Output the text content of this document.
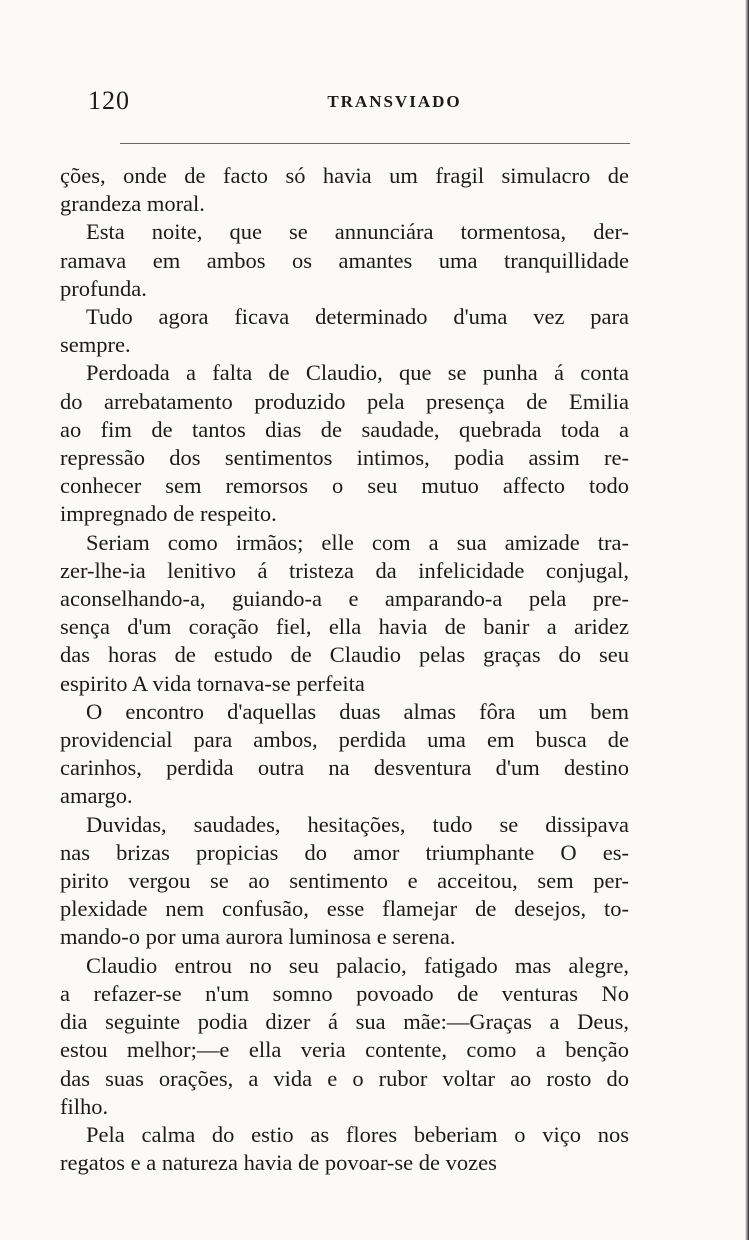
120	TRANSVIADO
ções, onde de facto só havia um fragil simulacro de
grandeza moral.
Esta noite, que se annunciára tormentosa, der-
ramava em ambos os amantes uma tranquillidade
profunda.
Tudo agora ficava determinado d'uma vez para
sempre.
Perdoada a falta de Claudio, que se punha á conta
do arrebatamento produzido pela presença de Emilia
ao fim de tantos dias de saudade, quebrada toda a
repressão dos sentimentos intimos, podia assim re-
conhecer sem remorsos o seu mutuo affecto todo
impregnado de respeito.
Seriam como irmãos; elle com a sua amizade tra-
zer-lhe-ia lenitivo á tristeza da infelicidade conjugal,
aconselhando-a, guiando-a e amparando-a pela pre-
sença d'um coração fiel, ella havia de banir a aridez
das horas de estudo de Claudio pelas graças do seu
espirito A vida tornava-se perfeita
O encontro d'aquellas duas almas fôra um bem
providencial para ambos, perdida uma em busca de
carinhos, perdida outra na desventura d'um destino
amargo.
Duvidas, saudades, hesitações, tudo se dissipava
nas brizas propicias do amor triumphante O es-
pirito vergou se ao sentimento e acceitou, sem per-
plexidade nem confusão, esse flamejar de desejos, to-
mando-o por uma aurora luminosa e serena.
Claudio entrou no seu palacio, fatigado mas alegre,
a refazer-se n'um somno povoado de venturas No
dia seguinte podia dizer á sua mãe:—Graças a Deus,
estou melhor;—e ella veria contente, como a benção
das suas orações, a vida e o rubor voltar ao rosto do
filho.
Pela calma do estio as flores beberiam o viço nos
regatos e a natureza havia de povoar-se de vozes
